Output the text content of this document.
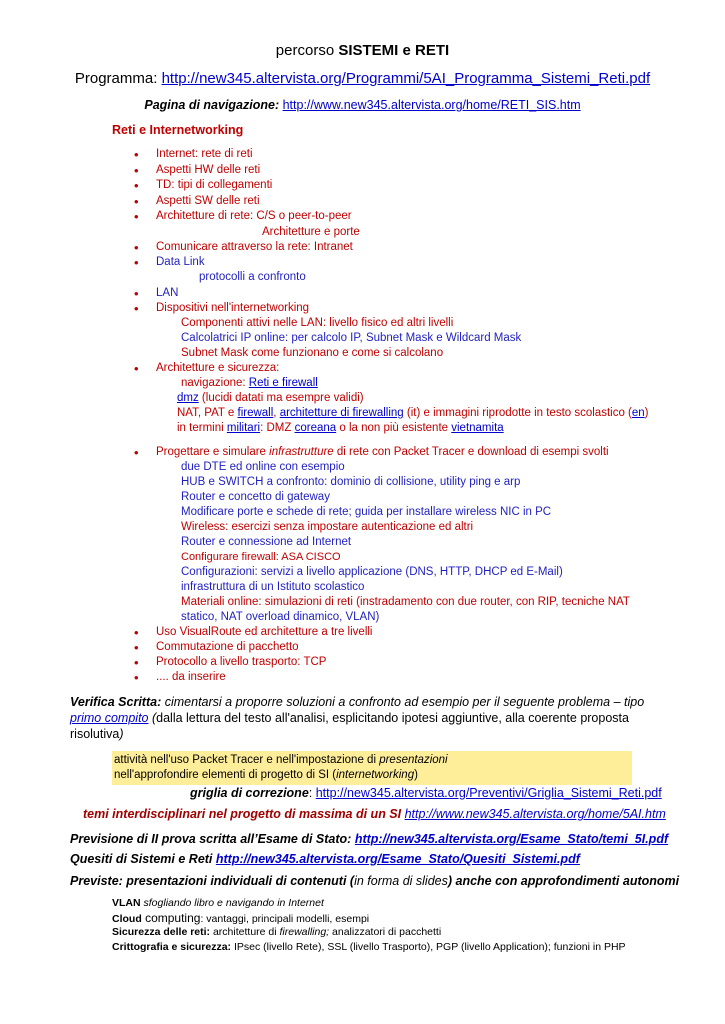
percorso SISTEMI e RETI
Programma: http://new345.altervista.org/Programmi/5AI_Programma_Sistemi_Reti.pdf
Pagina di navigazione: http://www.new345.altervista.org/home/RETI_SIS.htm
Reti e Internetworking
• Internet: rete di reti
• Aspetti HW delle reti
• TD: tipi di collegamenti
• Aspetti SW delle reti
• Architetture di rete: C/S o peer-to-peer
Architetture e porte
• Comunicare attraverso la rete: Intranet
• Data Link
protocolli a confronto
• LAN
• Dispositivi nell'internetworking
Componenti attivi nelle LAN: livello fisico ed altri livelli
Calcolatrici IP online: per calcolo IP, Subnet Mask e Wildcard Mask
Subnet Mask come funzionano e come si calcolano
• Architetture e sicurezza:
navigazione: Reti e firewall
dmz (lucidi datati ma esempre validi)
NAT, PAT e firewall, architetture di firewalling (it) e immagini riprodotte in testo scolastico (en)
in termini militari: DMZ coreana o la non più esistente vietnamita
• Progettare e simulare infrastrutture di rete con Packet Tracer e download di esempi svolti
due DTE ed online con esempio
HUB e SWITCH a confronto: dominio di collisione, utility ping e arp
Router e concetto di gateway
Modificare porte e schede di rete; guida per installare wireless NIC in PC
Wireless: esercizi senza impostare autenticazione ed altri
Router e connessione ad Internet
Configurare firewall: ASA CISCO
Configurazioni: servizi a livello applicazione (DNS, HTTP, DHCP ed E-Mail)
infrastruttura di un Istituto scolastico
Materiali online: simulazioni di reti (instradamento con due router, con RIP, tecniche NAT
statico, NAT overload dinamico, VLAN)
• Uso VisualRoute ed architetture a tre livelli
• Commutazione di pacchetto
• Protocollo a livello trasporto: TCP
• .... da inserire
Verifica Scritta: cimentarsi a proporre soluzioni a confronto ad esempio per il seguente problema – tipo
primo compito (dalla lettura del testo all'analisi, esplicitando ipotesi aggiuntive, alla coerente proposta
risolutiva)
attività nell'uso Packet Tracer e nell'impostazione di presentazioni
nell'approfondire elementi di progetto di SI (internetworking)
griglia di correzione: http://new345.altervista.org/Preventivi/Griglia_Sistemi_Reti.pdf
temi interdisciplinari nel progetto di massima di un SI http://www.new345.altervista.org/home/5AI.htm
Previsione di II prova scritta all’Esame di Stato: http://new345.altervista.org/Esame_Stato/temi_5I.pdf
Quesiti di Sistemi e Reti http://new345.altervista.org/Esame_Stato/Quesiti_Sistemi.pdf
Previste: presentazioni individuali di contenuti (in forma di slides) anche con approfondimenti autonomi
VLAN sfogliando libro e navigando in Internet
Cloud computing: vantaggi, principali modelli, esempi
Sicurezza delle reti: architetture di firewalling; analizzatori di pacchetti
Crittografia e sicurezza: IPsec (livello Rete), SSL (livello Trasporto), PGP (livello Application); funzioni in PHP
